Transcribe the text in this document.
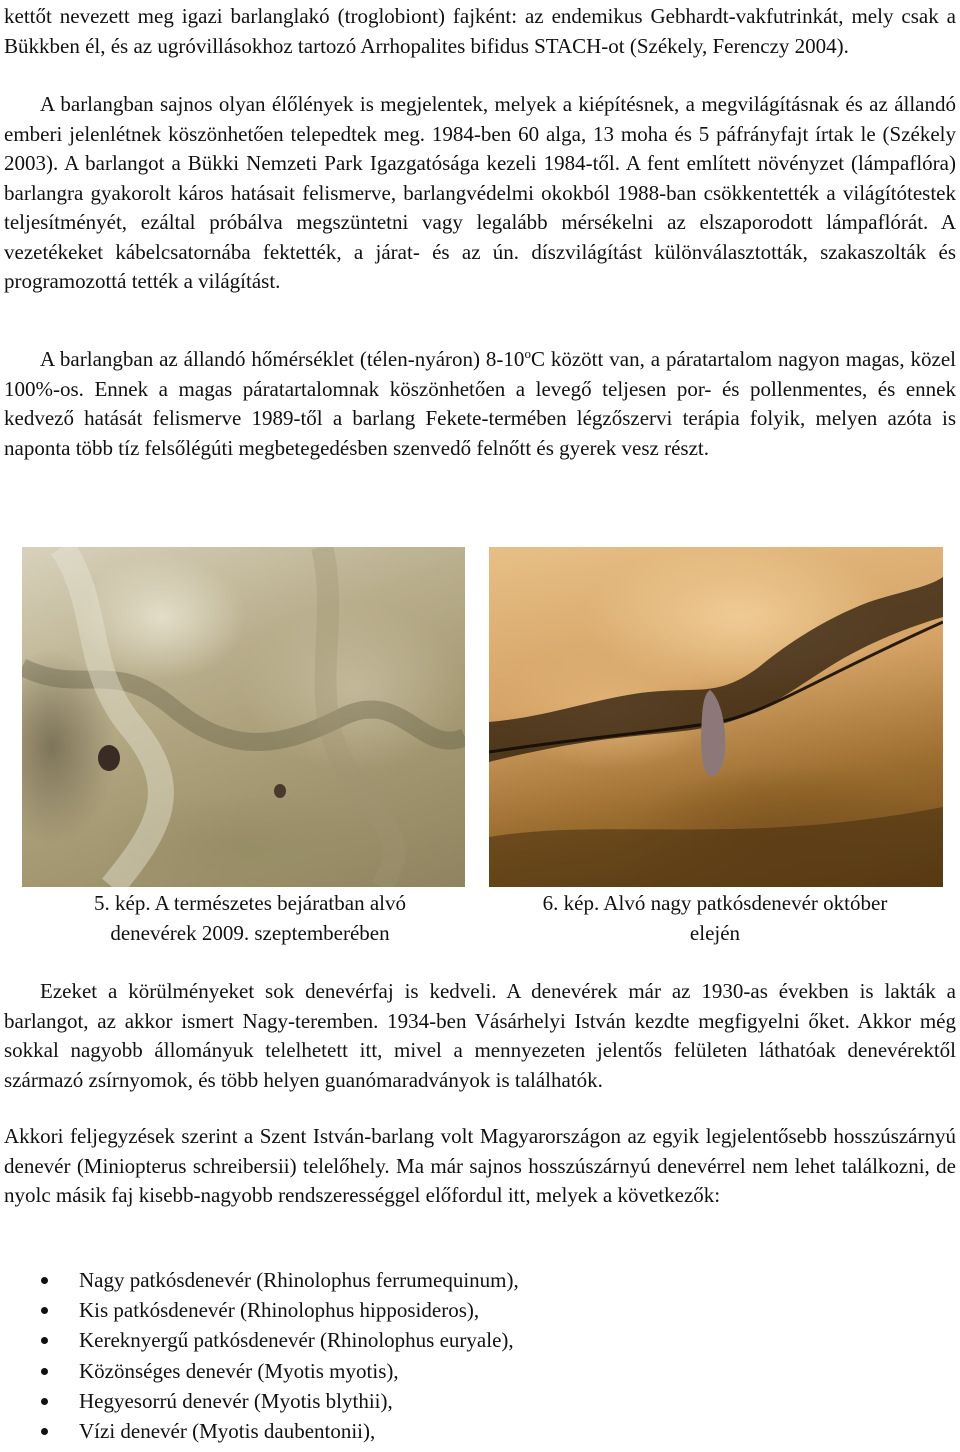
kettőt nevezett meg igazi barlanglakó (troglobiont) fajként: az endemikus Gebhardt-vakfutrinkát, mely csak a Bükkben él, és az ugróvillásokhoz tartozó Arrhopalites bifidus STACH-ot (Székely, Ferenczy 2004).

A barlangban sajnos olyan élőlények is megjelentek, melyek a kiépítésnek, a megvilágításnak és az állandó emberi jelenlétnek köszönhetően telepedtek meg. 1984-ben 60 alga, 13 moha és 5 páfrányfajt írtak le (Székely 2003). A barlangot a Bükki Nemzeti Park Igazgatósága kezeli 1984-től. A fent említett növényzet (lámpaflóra) barlangra gyakorolt káros hatásait felismerve, barlangvédelmi okokból 1988-ban csökkentették a világítótestek teljesítményét, ezáltal próbálva megszüntetni vagy legalább mérsékelni az elszaporodott lámpaflórát. A vezetékeket kábelcsatornába fektették, a járat- és az ún. díszvilágítást különválasztották, szakaszolták és programozottá tették a világítást.

A barlangban az állandó hőmérséklet (télen-nyáron) 8-10$^o$C között van, a páratartalom nagyon magas, közel 100%-os. Ennek a magas páratartalomnak köszönhetően a levegő teljesen por- és pollenmentes, és ennek kedvező hatását felismerve 1989-től a barlang Fekete-termében légzőszervi terápia folyik, melyen azóta is naponta több tíz felsőlégúti megbetegedésben szenvedő felnőtt és gyerek vesz részt.

5. kép. A természetes bejáratban alvó
denevérek 2009. szeptemberében
6. kép. Alvó nagy patkósdenevér október
elején

Ezeket a körülményeket sok denevérfaj is kedveli. A denevérek már az 1930-as években is lakták a barlangot, az akkor ismert Nagy-teremben. 1934-ben Vásárhelyi István kezdte megfigyelni őket. Akkor még sokkal nagyobb állományuk telelhetett itt, mivel a mennyezeten jelentős felületen láthatóak denevérektől származó zsírnyomok, és több helyen guanómaradványok is találhatók.

Akkori feljegyzések szerint a Szent István-barlang volt Magyarországon az egyik legjelentősebb hosszúszárnyú denevér (Miniopterus schreibersii) telelőhely. Ma már sajnos hosszúszárnyú denevérrel nem lehet találkozni, de nyolc másik faj kisebb-nagyobb rendszerességgel előfordul itt, melyek a következők:

Nagy patkósdenevér (Rhinolophus ferrumequinum),
Kis patkósdenevér (Rhinolophus hipposideros),
Kereknyergű patkósdenevér (Rhinolophus euryale),
Közönséges denevér (Myotis myotis),
Hegyesorrú denevér (Myotis blythii),
Vízi denevér (Myotis daubentonii),
